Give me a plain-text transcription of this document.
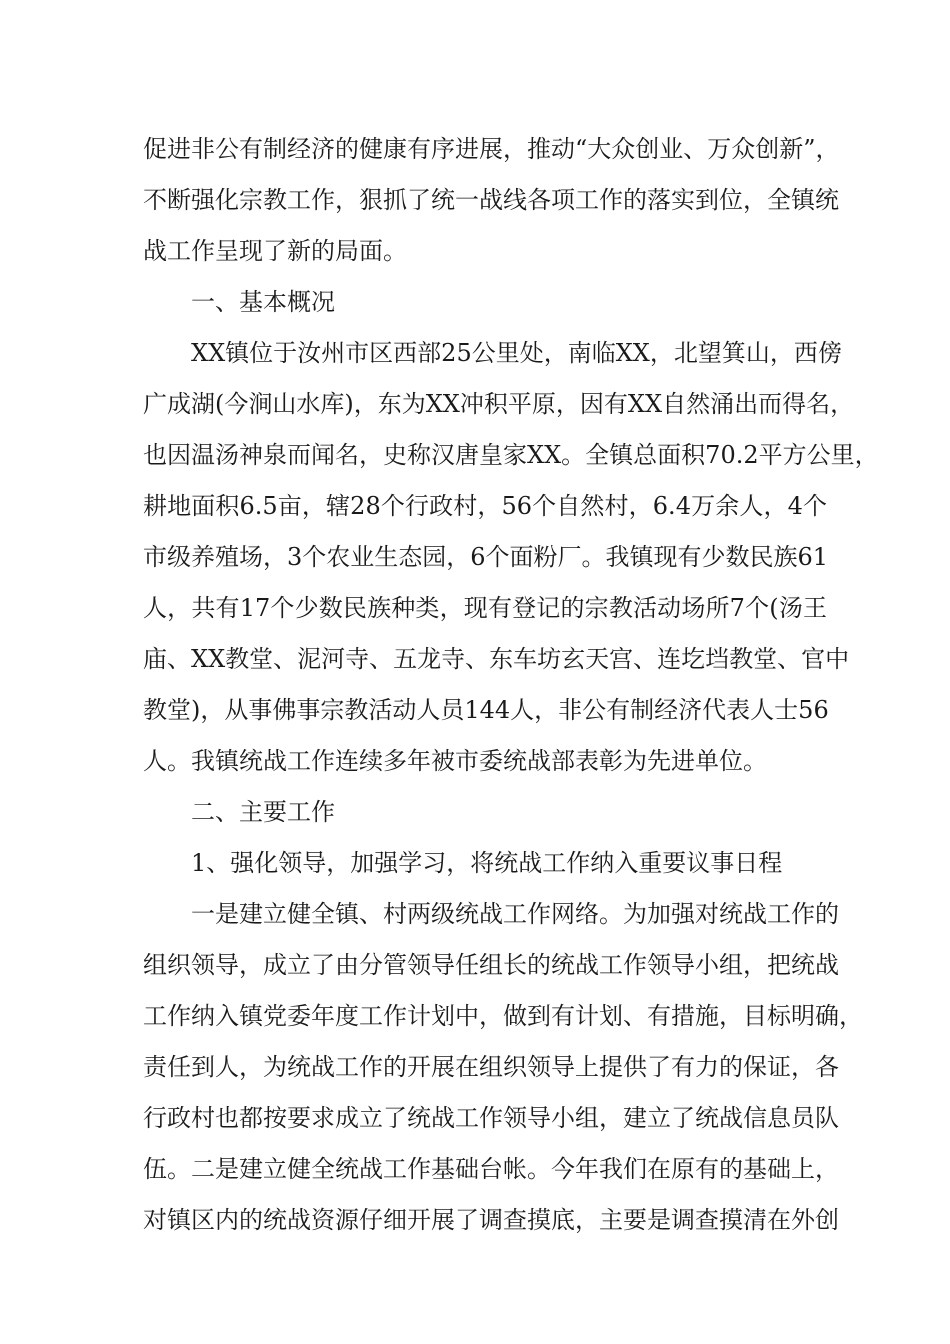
促进非公有制经济的健康有序进展，推动“大众创业、万众创新”，
不断强化宗教工作，狠抓了统一战线各项工作的落实到位，全镇统
战工作呈现了新的局面。
一、基本概况
XX镇位于汝州市区西部25公里处，南临XX，北望箕山，西傍
广成湖(今涧山水库)，东为XX冲积平原，因有XX自然涌出而得名，
也因温汤神泉而闻名，史称汉唐皇家XX。全镇总面积70.2平方公里，
耕地面积6.5亩，辖28个行政村，56个自然村，6.4万余人，4个
市级养殖场，3个农业生态园，6个面粉厂。我镇现有少数民族61
人，共有17个少数民族种类，现有登记的宗教活动场所7个(汤王
庙、XX教堂、泥河寺、五龙寺、东车坊玄天宫、连圪垱教堂、官中
教堂)，从事佛事宗教活动人员144人，非公有制经济代表人士56
人。我镇统战工作连续多年被市委统战部表彰为先进单位。
二、主要工作
1、强化领导，加强学习，将统战工作纳入重要议事日程
一是建立健全镇、村两级统战工作网络。为加强对统战工作的
组织领导，成立了由分管领导任组长的统战工作领导小组，把统战
工作纳入镇党委年度工作计划中，做到有计划、有措施，目标明确，
责任到人，为统战工作的开展在组织领导上提供了有力的保证，各
行政村也都按要求成立了统战工作领导小组，建立了统战信息员队
伍。二是建立健全统战工作基础台帐。今年我们在原有的基础上，
对镇区内的统战资源仔细开展了调查摸底，主要是调查摸清在外创
